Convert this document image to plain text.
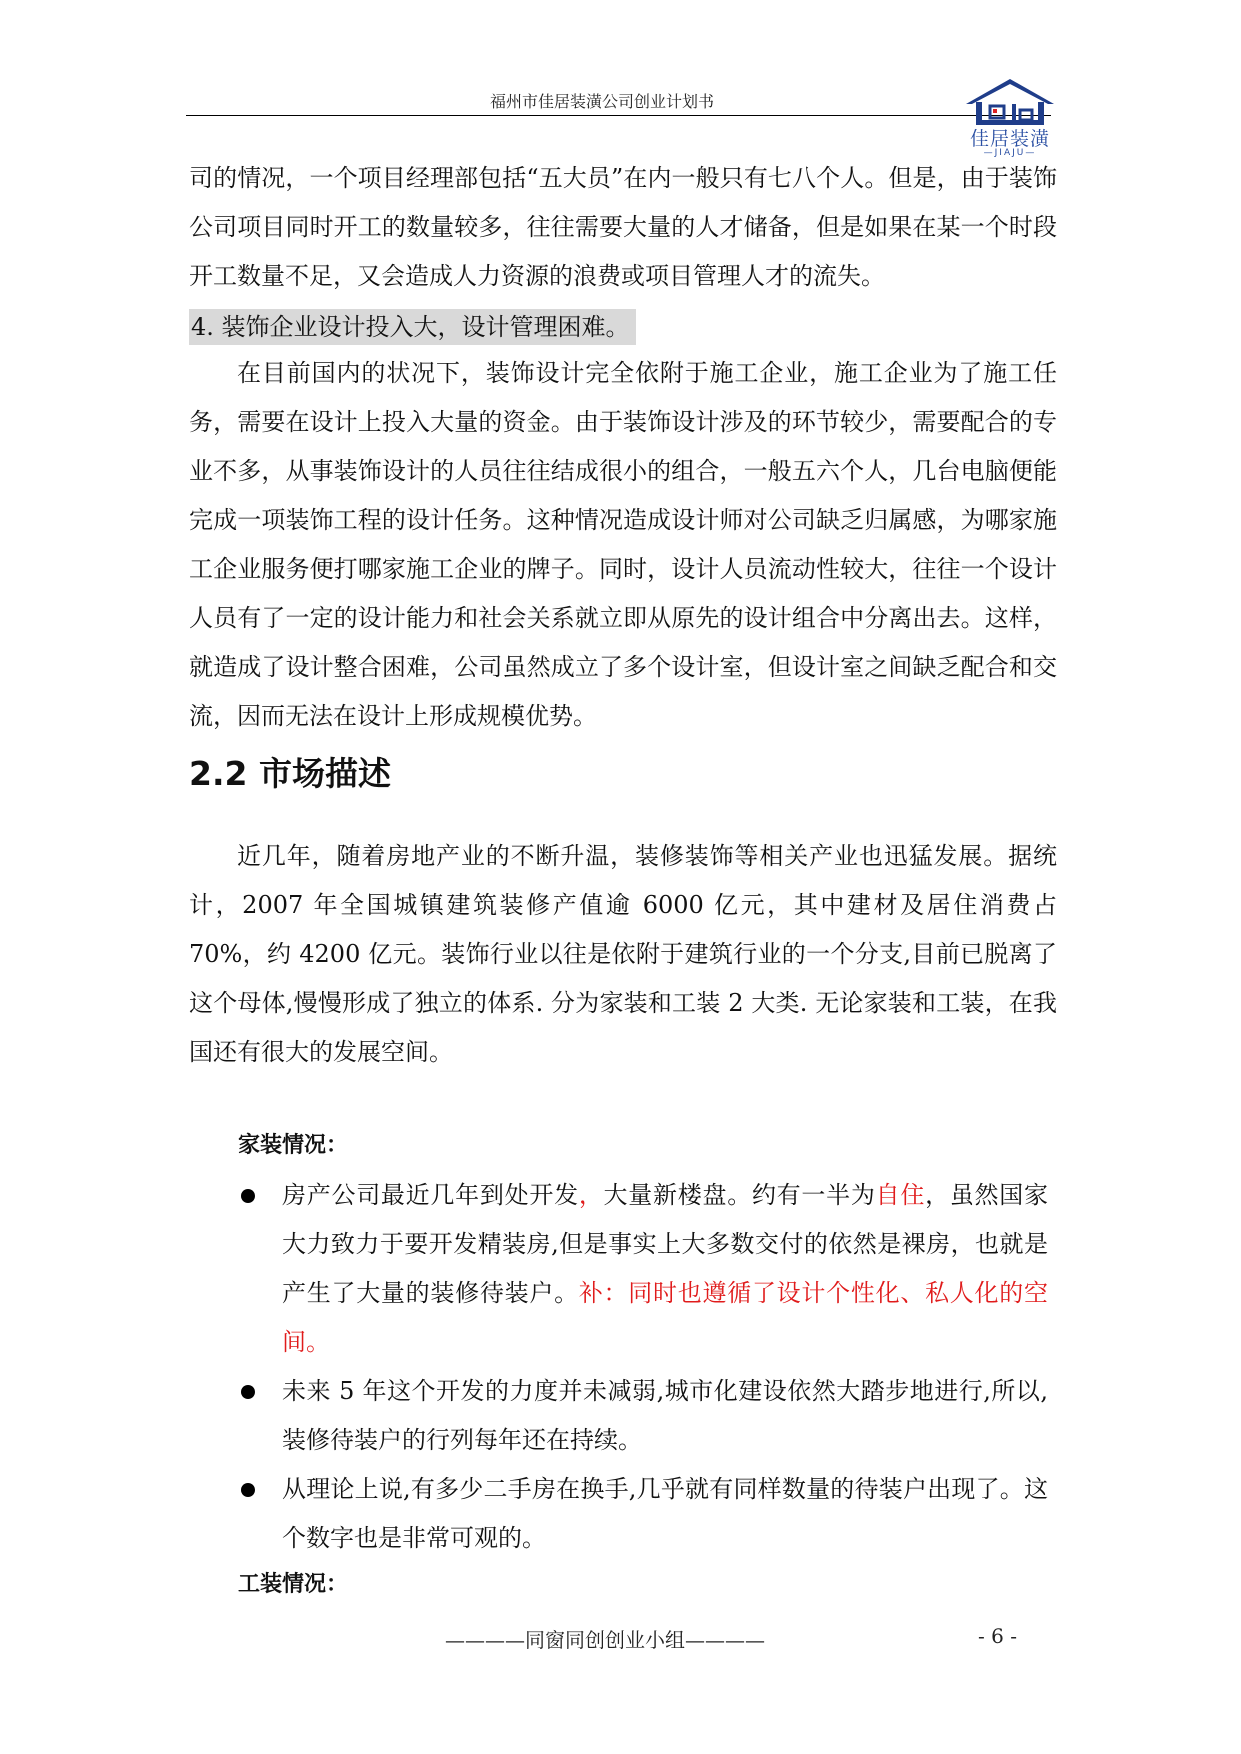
福州市佳居装潢公司创业计划书
佳居装潢
—JIAJU—

司的情况，一个项目经理部包括“五大员”在内一般只有七八个人。但是，由于装饰公司项目同时开工的数量较多，往往需要大量的人才储备，但是如果在某一个时段开工数量不足，又会造成人力资源的浪费或项目管理人才的流失。

4. 装饰企业设计投入大，设计管理困难。

在目前国内的状况下，装饰设计完全依附于施工企业，施工企业为了施工任务，需要在设计上投入大量的资金。由于装饰设计涉及的环节较少，需要配合的专业不多，从事装饰设计的人员往往结成很小的组合，一般五六个人，几台电脑便能完成一项装饰工程的设计任务。这种情况造成设计师对公司缺乏归属感，为哪家施工企业服务便打哪家施工企业的牌子。同时，设计人员流动性较大，往往一个设计人员有了一定的设计能力和社会关系就立即从原先的设计组合中分离出去。这样，就造成了设计整合困难，公司虽然成立了多个设计室，但设计室之间缺乏配合和交流，因而无法在设计上形成规模优势。

2.2 市场描述

近几年，随着房地产业的不断升温，装修装饰等相关产业也迅猛发展。据统计，2007 年全国城镇建筑装修产值逾 6000 亿元，其中建材及居住消费占 70%，约 4200 亿元。装饰行业以往是依附于建筑行业的一个分支,目前已脱离了这个母体,慢慢形成了独立的体系. 分为家装和工装 2 大类. 无论家装和工装，在我国还有很大的发展空间。

家装情况：
房产公司最近几年到处开发，大量新楼盘。约有一半为自住，虽然国家大力致力于要开发精装房,但是事实上大多数交付的依然是裸房，也就是产生了大量的装修待装户。补：同时也遵循了设计个性化、私人化的空间。
未来 5 年这个开发的力度并未减弱,城市化建设依然大踏步地进行,所以,装修待装户的行列每年还在持续。
从理论上说,有多少二手房在换手,几乎就有同样数量的待装户出现了。这个数字也是非常可观的。
工装情况：
————同窗同创创业小组————	- 6 -
